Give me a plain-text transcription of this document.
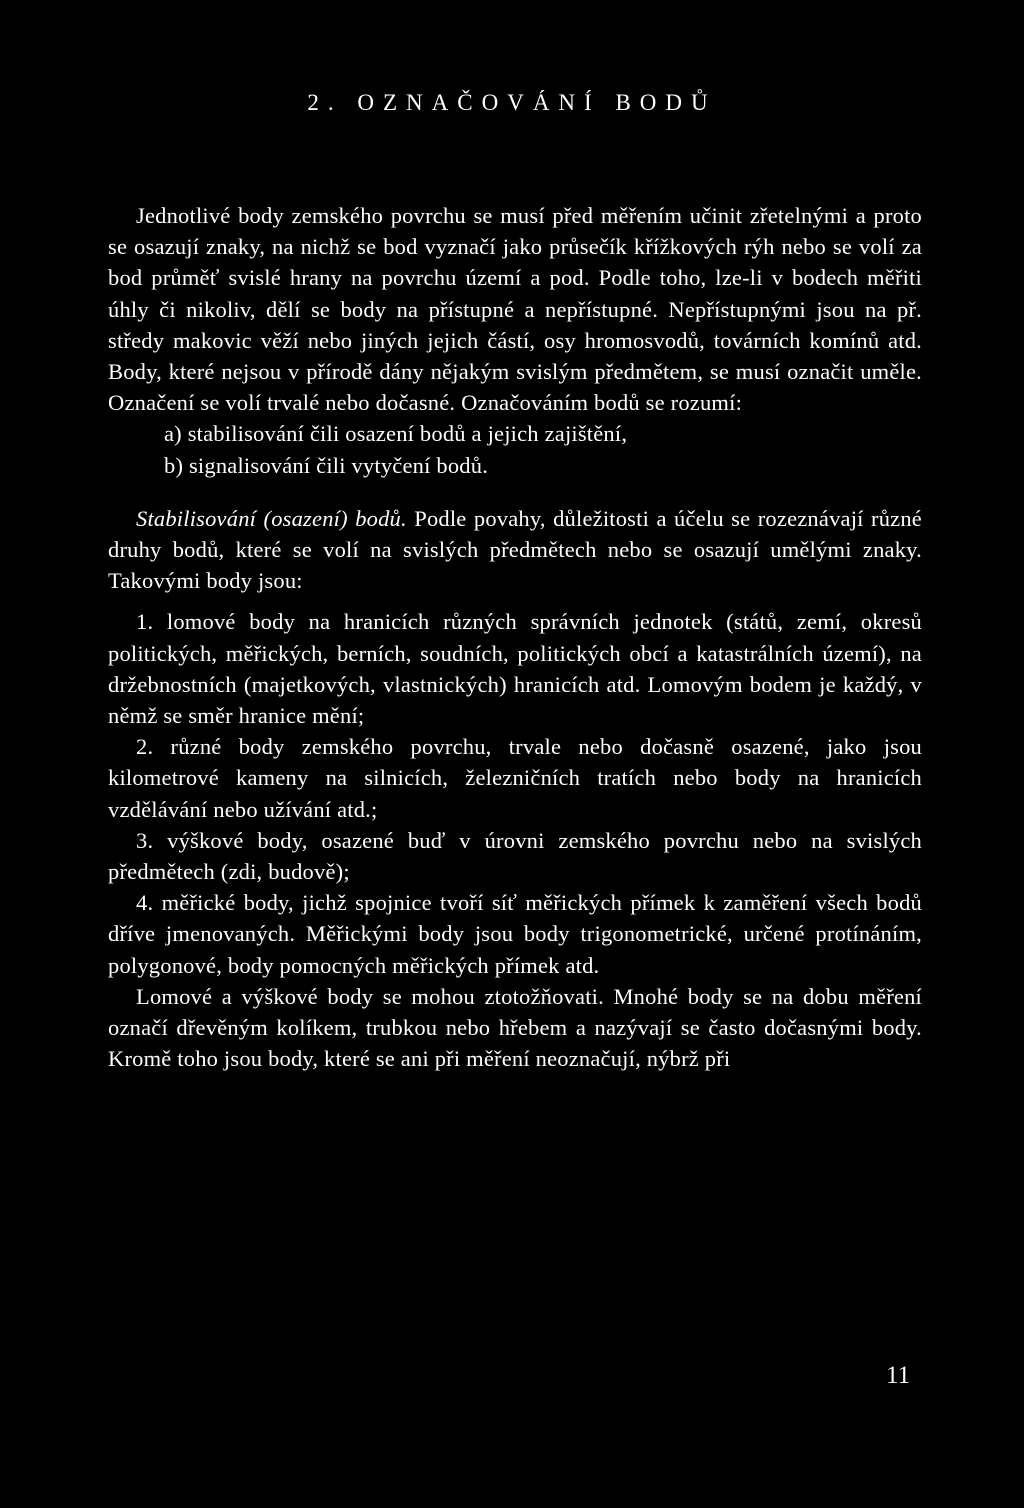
2. OZNAČOVÁNÍ BODŮ

Jednotlivé body zemského povrchu se musí před měřením učinit zřetelnými a proto se osazují znaky, na nichž se bod vyznačí jako průsečík křížkových rýh nebo se volí za bod průměť svislé hrany na povrchu území a pod. Podle toho, lze-li v bodech měřiti úhly či nikoliv, dělí se body na přístupné a nepřístupné. Nepřístupnými jsou na př. středy makovic věží nebo jiných jejich částí, osy hromosvodů, továrních komínů atd. Body, které nejsou v přírodě dány nějakým svislým předmětem, se musí označit uměle. Označení se volí trvalé nebo dočasné. Označováním bodů se rozumí:

a) stabilisování čili osazení bodů a jejich zajištění,

b) signalisování čili vytyčení bodů.

Stabilisování (osazení) bodů. Podle povahy, důležitosti a účelu se rozeznávají různé druhy bodů, které se volí na svislých předmětech nebo se osazují umělými znaky. Takovými body jsou:

1. lomové body na hranicích různých správních jednotek (států, zemí, okresů politických, měřických, berních, soudních, politických obcí a katastrálních území), na držebnostních (majetkových, vlastnických) hranicích atd. Lomovým bodem je každý, v němž se směr hranice mění;

2. různé body zemského povrchu, trvale nebo dočasně osazené, jako jsou kilometrové kameny na silnicích, železničních tratích nebo body na hranicích vzdělávání nebo užívání atd.;

3. výškové body, osazené buď v úrovni zemského povrchu nebo na svislých předmětech (zdi, budově);

4. měřické body, jichž spojnice tvoří síť měřických přímek k zaměření všech bodů dříve jmenovaných. Měřickými body jsou body trigonometrické, určené protínáním, polygonové, body pomocných měřických přímek atd.

Lomové a výškové body se mohou ztotožňovati. Mnohé body se na dobu měření označí dřevěným kolíkem, trubkou nebo hřebem a nazývají se často dočasnými body. Kromě toho jsou body, které se ani při měření neoznačují, nýbrž při

11
